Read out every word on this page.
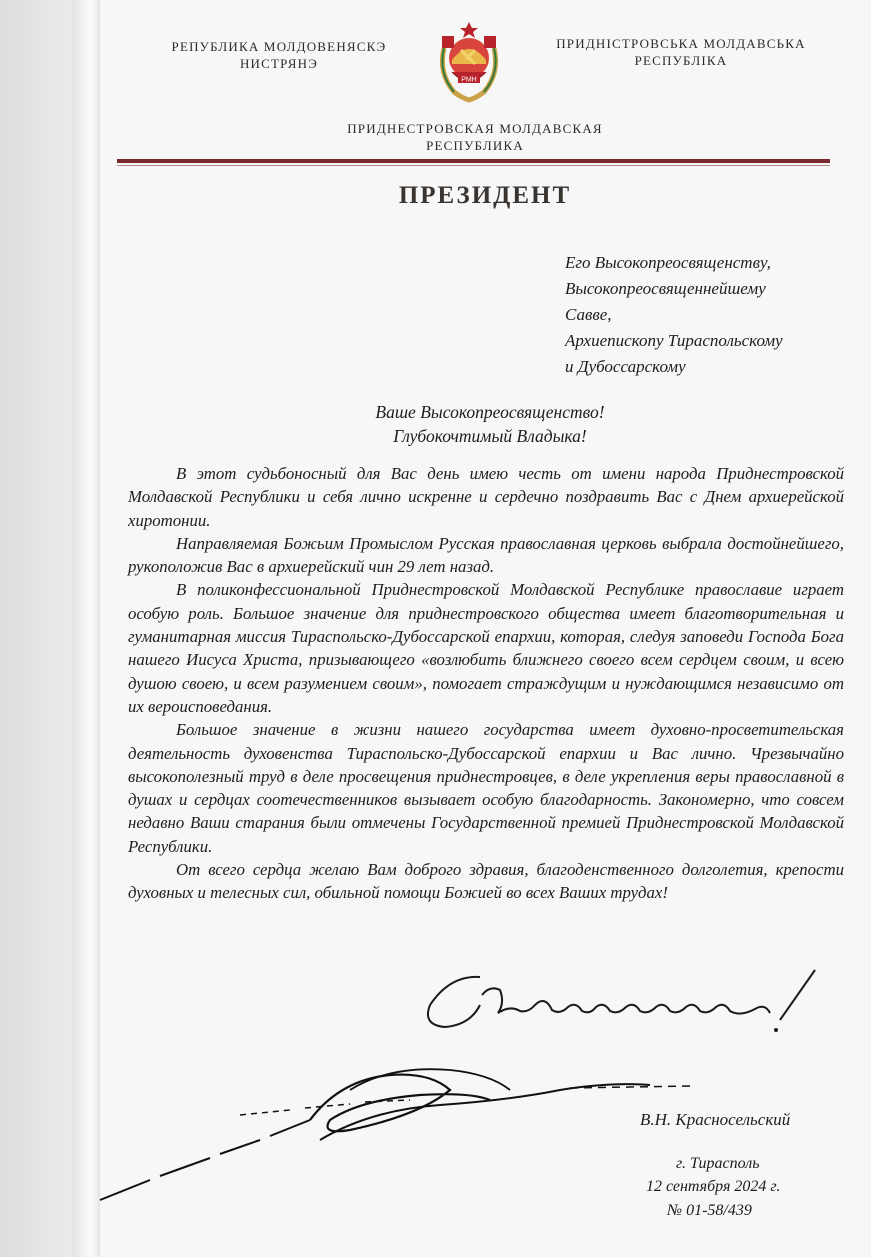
РЕПУБЛИКА МОЛДОВЕНЯСКЭ
НИСТРЯНЭ
РМН
ПРИДНІСТРОВСЬКА МОЛДАВСЬКА
РЕСПУБЛІКА
ПРИДНЕСТРОВСКАЯ МОЛДАВСКАЯ
РЕСПУБЛИКА
ПРЕЗИДЕНТ
Его Высокопреосвященству,
Высокопреосвященнейшему
Савве,
Архиепископу Тираспольскому
и Дубоссарскому
Ваше Высокопреосвященство!
Глубокочтимый Владыка!

В этот судьбоносный для Вас день имею честь от имени народа Приднестровской Молдавской Республики и себя лично искренне и сердечно поздравить Вас с Днем архиерейской хиротонии.

Направляемая Божьим Промыслом Русская православная церковь выбрала достойнейшего, рукоположив Вас в архиерейский чин 29 лет назад.

В поликонфессиональной Приднестровской Молдавской Республике православие играет особую роль. Большое значение для приднестровского общества имеет благотворительная и гуманитарная миссия Тираспольско-Дубоссарской епархии, которая, следуя заповеди Господа Бога нашего Иисуса Христа, призывающего «возлюбить ближнего своего всем сердцем своим, и всею душою своею, и всем разумением своим», помогает страждущим и нуждающимся независимо от их вероисповедания.

Большое значение в жизни нашего государства имеет духовно-просветительская деятельность духовенства Тираспольско-Дубоссарской епархии и Вас лично. Чрезвычайно высокополезный труд в деле просвещения приднестровцев, в деле укрепления веры православной в душах и сердцах соотечественников вызывает особую благодарность. Закономерно, что совсем недавно Ваши старания были отмечены Государственной премией Приднестровской Молдавской Республики.

От всего сердца желаю Вам доброго здравия, благоденственного долголетия, крепости духовных и телесных сил, обильной помощи Божией во всех Ваших трудах!

В.Н. Красносельский
г. Тирасполь
12 сентября 2024 г.
№ 01-58/439
